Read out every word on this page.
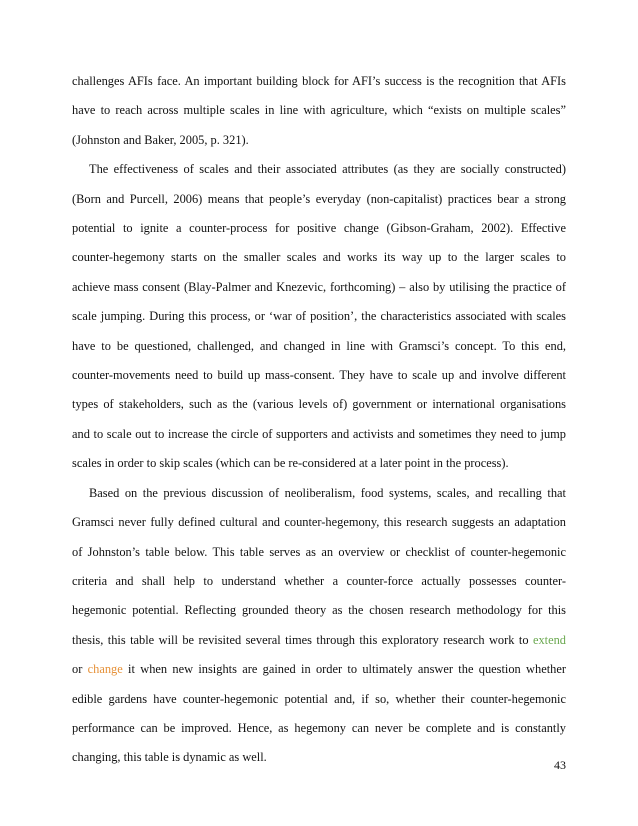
challenges AFIs face. An important building block for AFI’s success is the recognition that AFIs

have to reach across multiple scales in line with agriculture, which “exists on multiple scales”

(Johnston and Baker, 2005, p. 321).

The effectiveness of scales and their associated attributes (as they are socially constructed)

(Born and Purcell, 2006) means that people’s everyday (non-capitalist) practices bear a strong

potential to ignite a counter-process for positive change (Gibson-Graham, 2002). Effective

counter-hegemony starts on the smaller scales and works its way up to the larger scales to

achieve mass consent (Blay-Palmer and Knezevic, forthcoming) – also by utilising the practice of

scale jumping. During this process, or ‘war of position’, the characteristics associated with scales

have to be questioned, challenged, and changed in line with Gramsci’s concept. To this end,

counter-movements need to build up mass-consent. They have to scale up and involve different

types of stakeholders, such as the (various levels of) government or international organisations

and to scale out to increase the circle of supporters and activists and sometimes they need to jump

scales in order to skip scales (which can be re-considered at a later point in the process).

Based on the previous discussion of neoliberalism, food systems, scales, and recalling that

Gramsci never fully defined cultural and counter-hegemony, this research suggests an adaptation

of Johnston’s table below. This table serves as an overview or checklist of counter-hegemonic

criteria and shall help to understand whether a counter-force actually possesses counter-

hegemonic potential. Reflecting grounded theory as the chosen research methodology for this

thesis, this table will be revisited several times through this exploratory research work to extend

or change it when new insights are gained in order to ultimately answer the question whether

edible gardens have counter-hegemonic potential and, if so, whether their counter-hegemonic

performance can be improved. Hence, as hegemony can never be complete and is constantly

changing, this table is dynamic as well.

43
